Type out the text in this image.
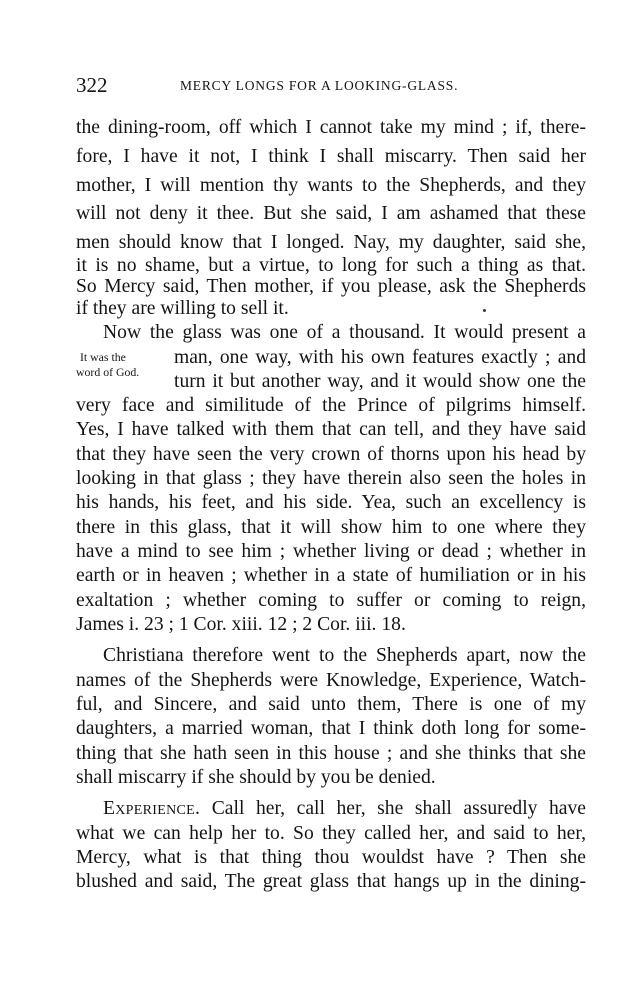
322	MERCY LONGS FOR A LOOKING-GLASS.
the dining-room, off which I cannot take my mind ; if, there-
fore, I have it not, I think I shall miscarry. Then said her
mother, I will mention thy wants to the Shepherds, and they
will not deny it thee. But she said, I am ashamed that these
men should know that I longed. Nay, my daughter, said she,
it is no shame, but a virtue, to long for such a thing as that.
So Mercy said, Then mother, if you please, ask the Shepherds
if they are willing to sell it.
Now the glass was one of a thousand. It would present a
It was the
word of God.
man, one way, with his own features exactly ; and
turn it but another way, and it would show one the
very face and similitude of the Prince of pilgrims himself.
Yes, I have talked with them that can tell, and they have said
that they have seen the very crown of thorns upon his head by
looking in that glass ; they have therein also seen the holes in
his hands, his feet, and his side. Yea, such an excellency is
there in this glass, that it will show him to one where they
have a mind to see him ; whether living or dead ; whether in
earth or in heaven ; whether in a state of humiliation or in his
exaltation ; whether coming to suffer or coming to reign,
James i. 23 ; 1 Cor. xiii. 12 ; 2 Cor. iii. 18.
Christiana therefore went to the Shepherds apart, now the
names of the Shepherds were Knowledge, Experience, Watch-
ful, and Sincere, and said unto them, There is one of my
daughters, a married woman, that I think doth long for some-
thing that she hath seen in this house ; and she thinks that she
shall miscarry if she should by you be denied.
Experience. Call her, call her, she shall assuredly have
what we can help her to. So they called her, and said to her,
Mercy, what is that thing thou wouldst have ? Then she
blushed and said, The great glass that hangs up in the dining-
